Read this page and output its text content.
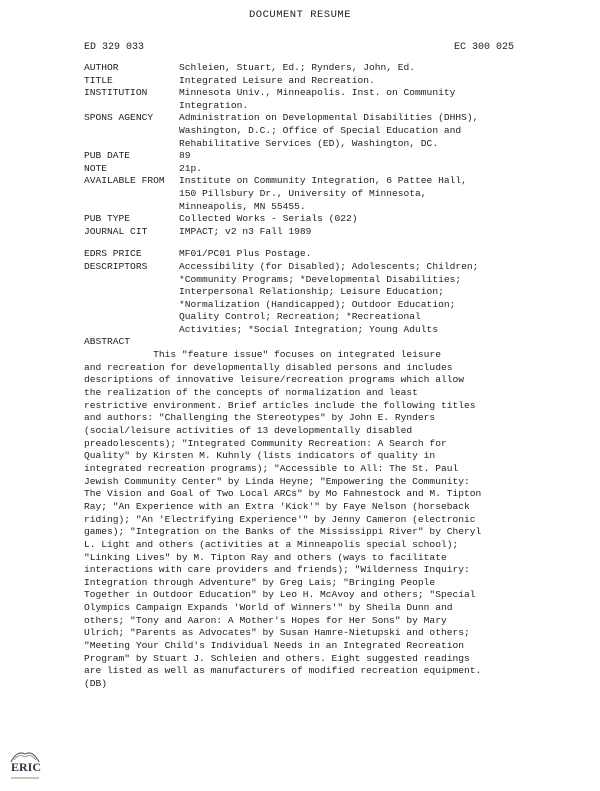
DOCUMENT RESUME
ED 329 033	EC 300 025
AUTHOR	Schleien, Stuart, Ed.; Rynders, John, Ed.
TITLE	Integrated Leisure and Recreation.
INSTITUTION	Minnesota Univ., Minneapolis. Inst. on Community
Integration.
SPONS AGENCY	Administration on Developmental Disabilities (DHHS),
Washington, D.C.; Office of Special Education and
Rehabilitative Services (ED), Washington, DC.
PUB DATE	89
NOTE	21p.
AVAILABLE FROM	Institute on Community Integration, 6 Pattee Hall,
150 Pillsbury Dr., University of Minnesota,
Minneapolis, MN 55455.
PUB TYPE	Collected Works - Serials (022)
JOURNAL CIT	IMPACT; v2 n3 Fall 1989
EDRS PRICE	MF01/PC01 Plus Postage.
DESCRIPTORS	Accessibility (for Disabled); Adolescents; Children;
*Community Programs; *Developmental Disabilities;
Interpersonal Relationship; Leisure Education;
*Normalization (Handicapped); Outdoor Education;
Quality Control; Recreation; *Recreational
Activities; *Social Integration; Young Adults
ABSTRACT
This "feature issue" focuses on integrated leisure
and recreation for developmentally disabled persons and includes
descriptions of innovative leisure/recreation programs which allow
the realization of the concepts of normalization and least
restrictive environment. Brief articles include the following titles
and authors: "Challenging the Stereotypes" by John E. Rynders
(social/leisure activities of 13 developmentally disabled
preadolescents); "Integrated Community Recreation: A Search for
Quality" by Kirsten M. Kuhnly (lists indicators of quality in
integrated recreation programs); "Accessible to All: The St. Paul
Jewish Community Center" by Linda Heyne; "Empowering the Community:
The Vision and Goal of Two Local ARCs" by Mo Fahnestock and M. Tipton
Ray; "An Experience with an Extra 'Kick'" by Faye Nelson (horseback
riding); "An 'Electrifying Experience'" by Jenny Cameron (electronic
games); "Integration on the Banks of the Mississippi River" by Cheryl
L. Light and others (activities at a Minneapolis special school);
"Linking Lives" by M. Tipton Ray and others (ways to facilitate
interactions with care providers and friends); "Wilderness Inquiry:
Integration through Adventure" by Greg Lais; "Bringing People
Together in Outdoor Education" by Leo H. McAvoy and others; "Special
Olympics Campaign Expands 'World of Winners'" by Sheila Dunn and
others; "Tony and Aaron: A Mother's Hopes for Her Sons" by Mary
Ulrich; "Parents as Advocates" by Susan Hamre-Nietupski and others;
"Meeting Your Child's Individual Needs in an Integrated Recreation
Program" by Stuart J. Schleien and others. Eight suggested readings
are listed as well as manufacturers of modified recreation equipment.
(DB)
ERIC
